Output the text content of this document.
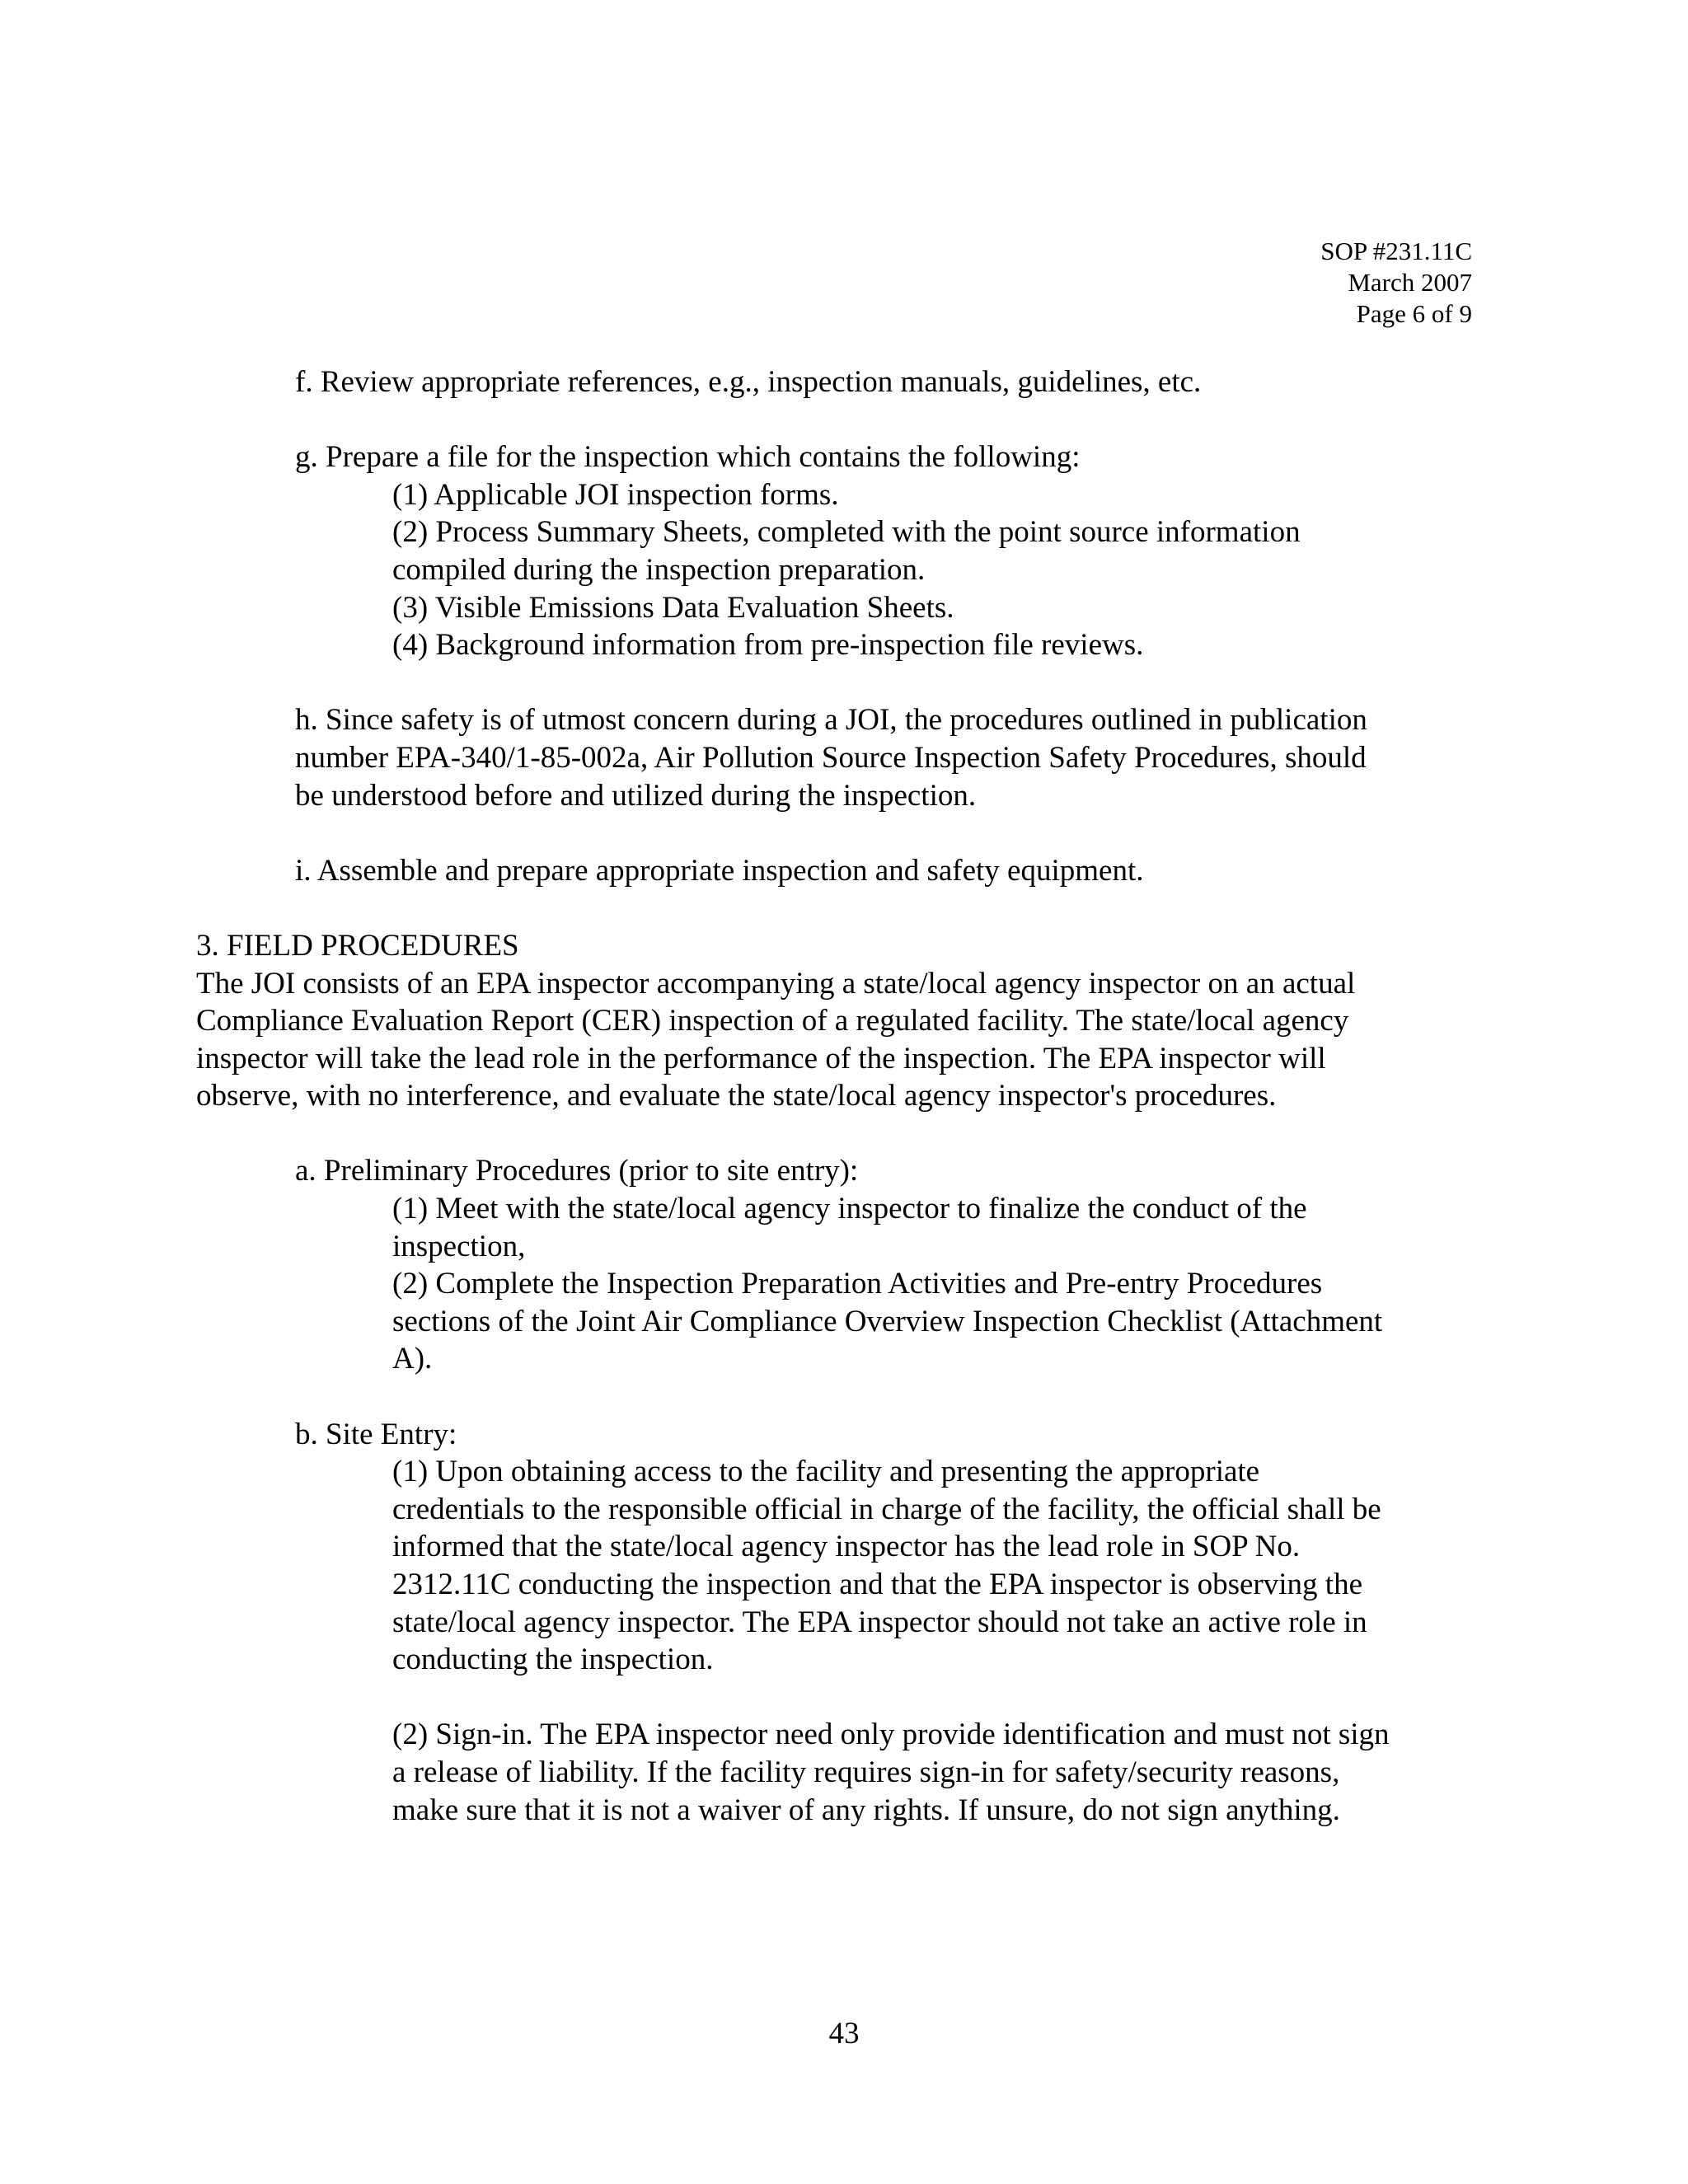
SOP #231.11C
March 2007
Page 6 of 9

f. Review appropriate references, e.g., inspection manuals, guidelines, etc.

g. Prepare a file for the inspection which contains the following:

(1) Applicable JOI inspection forms.

(2) Process Summary Sheets, completed with the point source information

compiled during the inspection preparation.

(3) Visible Emissions Data Evaluation Sheets.

(4) Background information from pre-inspection file reviews.

h. Since safety is of utmost concern during a JOI, the procedures outlined in publication

number EPA-340/1-85-002a, Air Pollution Source Inspection Safety Procedures, should

be understood before and utilized during the inspection.

i. Assemble and prepare appropriate inspection and safety equipment.

3. FIELD PROCEDURES

The JOI consists of an EPA inspector accompanying a state/local agency inspector on an actual

Compliance Evaluation Report (CER) inspection of a regulated facility. The state/local agency

inspector will take the lead role in the performance of the inspection. The EPA inspector will

observe, with no interference, and evaluate the state/local agency inspector's procedures.

a. Preliminary Procedures (prior to site entry):

(1) Meet with the state/local agency inspector to finalize the conduct of the

inspection,

(2) Complete the Inspection Preparation Activities and Pre-entry Procedures

sections of the Joint Air Compliance Overview Inspection Checklist (Attachment

A).

b. Site Entry:

(1) Upon obtaining access to the facility and presenting the appropriate

credentials to the responsible official in charge of the facility, the official shall be

informed that the state/local agency inspector has the lead role in SOP No.

2312.11C conducting the inspection and that the EPA inspector is observing the

state/local agency inspector. The EPA inspector should not take an active role in

conducting the inspection.

(2) Sign-in. The EPA inspector need only provide identification and must not sign

a release of liability. If the facility requires sign-in for safety/security reasons,

make sure that it is not a waiver of any rights. If unsure, do not sign anything.

43
